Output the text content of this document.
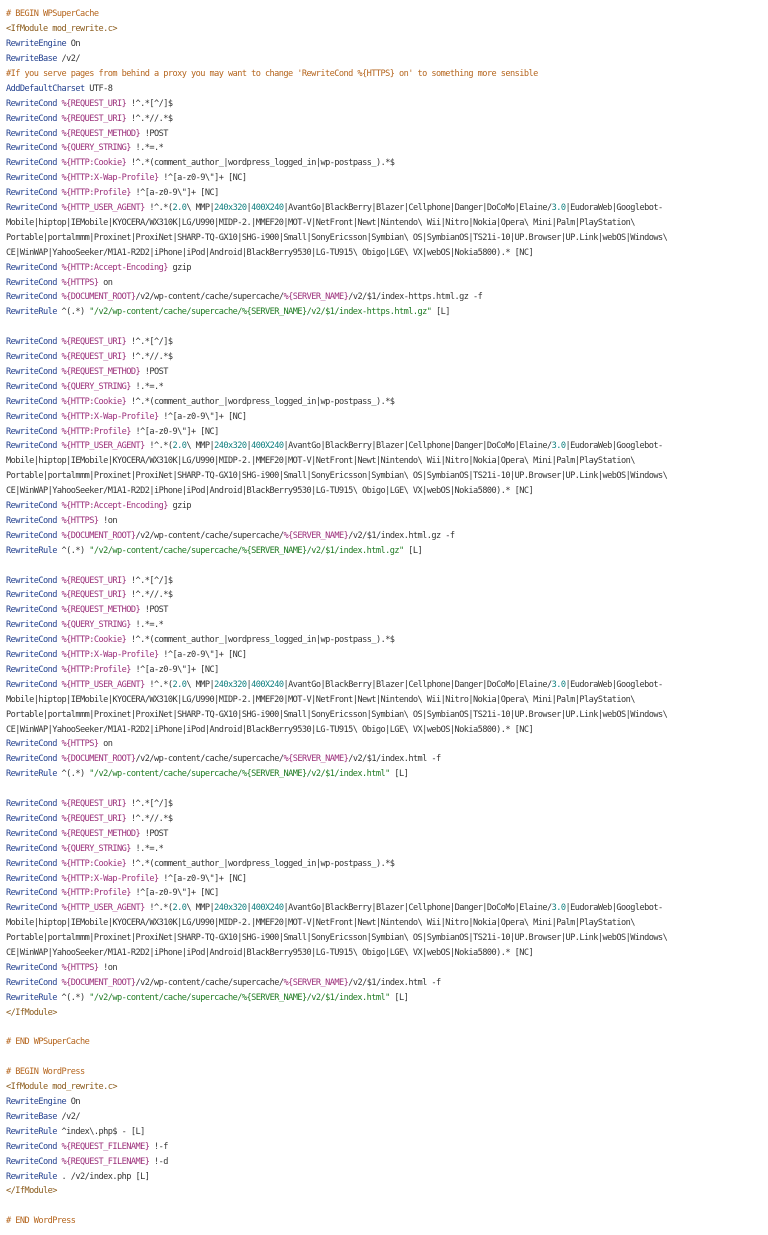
# BEGIN WPSuperCache
<IfModule mod_rewrite.c>
RewriteEngine On
RewriteBase /v2/
#If you serve pages from behind a proxy you may want to change 'RewriteCond %{HTTPS} on' to something more sensible
AddDefaultCharset UTF-8
RewriteCond %{REQUEST_URI} !^.*[^/]$
RewriteCond %{REQUEST_URI} !^.*//.*$
RewriteCond %{REQUEST_METHOD} !POST
RewriteCond %{QUERY_STRING} !.*=.*
RewriteCond %{HTTP:Cookie} !^.*(comment_author_|wordpress_logged_in|wp-postpass_).*$
RewriteCond %{HTTP:X-Wap-Profile} !^[a-z0-9\"]+ [NC]
RewriteCond %{HTTP:Profile} !^[a-z0-9\"]+ [NC]
RewriteCond %{HTTP_USER_AGENT} !^.*(2.0\ MMP|240x320|400X240|AvantGo|BlackBerry|Blazer|Cellphone|Danger|DoCoMo|Elaine/3.0|EudoraWeb|Googlebot-
Mobile|hiptop|IEMobile|KYOCERA/WX310K|LG/U990|MIDP-2.|MMEF20|MOT-V|NetFront|Newt|Nintendo\ Wii|Nitro|Nokia|Opera\ Mini|Palm|PlayStation\
Portable|portalmmm|Proxinet|ProxiNet|SHARP-TQ-GX10|SHG-i900|Small|SonyEricsson|Symbian\ OS|SymbianOS|TS21i-10|UP.Browser|UP.Link|webOS|Windows\
CE|WinWAP|YahooSeeker/M1A1-R2D2|iPhone|iPod|Android|BlackBerry9530|LG-TU915\ Obigo|LGE\ VX|webOS|Nokia5800).* [NC]
RewriteCond %{HTTP:Accept-Encoding} gzip
RewriteCond %{HTTPS} on
RewriteCond %{DOCUMENT_ROOT}/v2/wp-content/cache/supercache/%{SERVER_NAME}/v2/$1/index-https.html.gz -f
RewriteRule ^(.*) "/v2/wp-content/cache/supercache/%{SERVER_NAME}/v2/$1/index-https.html.gz" [L]
RewriteCond %{REQUEST_URI} !^.*[^/]$
RewriteCond %{REQUEST_URI} !^.*//.*$
RewriteCond %{REQUEST_METHOD} !POST
RewriteCond %{QUERY_STRING} !.*=.*
RewriteCond %{HTTP:Cookie} !^.*(comment_author_|wordpress_logged_in|wp-postpass_).*$
RewriteCond %{HTTP:X-Wap-Profile} !^[a-z0-9\"]+ [NC]
RewriteCond %{HTTP:Profile} !^[a-z0-9\"]+ [NC]
RewriteCond %{HTTP_USER_AGENT} !^.*(2.0\ MMP|240x320|400X240|AvantGo|BlackBerry|Blazer|Cellphone|Danger|DoCoMo|Elaine/3.0|EudoraWeb|Googlebot-
Mobile|hiptop|IEMobile|KYOCERA/WX310K|LG/U990|MIDP-2.|MMEF20|MOT-V|NetFront|Newt|Nintendo\ Wii|Nitro|Nokia|Opera\ Mini|Palm|PlayStation\
Portable|portalmmm|Proxinet|ProxiNet|SHARP-TQ-GX10|SHG-i900|Small|SonyEricsson|Symbian\ OS|SymbianOS|TS21i-10|UP.Browser|UP.Link|webOS|Windows\
CE|WinWAP|YahooSeeker/M1A1-R2D2|iPhone|iPod|Android|BlackBerry9530|LG-TU915\ Obigo|LGE\ VX|webOS|Nokia5800).* [NC]
RewriteCond %{HTTP:Accept-Encoding} gzip
RewriteCond %{HTTPS} !on
RewriteCond %{DOCUMENT_ROOT}/v2/wp-content/cache/supercache/%{SERVER_NAME}/v2/$1/index.html.gz -f
RewriteRule ^(.*) "/v2/wp-content/cache/supercache/%{SERVER_NAME}/v2/$1/index.html.gz" [L]
RewriteCond %{REQUEST_URI} !^.*[^/]$
RewriteCond %{REQUEST_URI} !^.*//.*$
RewriteCond %{REQUEST_METHOD} !POST
RewriteCond %{QUERY_STRING} !.*=.*
RewriteCond %{HTTP:Cookie} !^.*(comment_author_|wordpress_logged_in|wp-postpass_).*$
RewriteCond %{HTTP:X-Wap-Profile} !^[a-z0-9\"]+ [NC]
RewriteCond %{HTTP:Profile} !^[a-z0-9\"]+ [NC]
RewriteCond %{HTTP_USER_AGENT} !^.*(2.0\ MMP|240x320|400X240|AvantGo|BlackBerry|Blazer|Cellphone|Danger|DoCoMo|Elaine/3.0|EudoraWeb|Googlebot-
Mobile|hiptop|IEMobile|KYOCERA/WX310K|LG/U990|MIDP-2.|MMEF20|MOT-V|NetFront|Newt|Nintendo\ Wii|Nitro|Nokia|Opera\ Mini|Palm|PlayStation\
Portable|portalmmm|Proxinet|ProxiNet|SHARP-TQ-GX10|SHG-i900|Small|SonyEricsson|Symbian\ OS|SymbianOS|TS21i-10|UP.Browser|UP.Link|webOS|Windows\
CE|WinWAP|YahooSeeker/M1A1-R2D2|iPhone|iPod|Android|BlackBerry9530|LG-TU915\ Obigo|LGE\ VX|webOS|Nokia5800).* [NC]
RewriteCond %{HTTPS} on
RewriteCond %{DOCUMENT_ROOT}/v2/wp-content/cache/supercache/%{SERVER_NAME}/v2/$1/index.html -f
RewriteRule ^(.*) "/v2/wp-content/cache/supercache/%{SERVER_NAME}/v2/$1/index.html" [L]
RewriteCond %{REQUEST_URI} !^.*[^/]$
RewriteCond %{REQUEST_URI} !^.*//.*$
RewriteCond %{REQUEST_METHOD} !POST
RewriteCond %{QUERY_STRING} !.*=.*
RewriteCond %{HTTP:Cookie} !^.*(comment_author_|wordpress_logged_in|wp-postpass_).*$
RewriteCond %{HTTP:X-Wap-Profile} !^[a-z0-9\"]+ [NC]
RewriteCond %{HTTP:Profile} !^[a-z0-9\"]+ [NC]
RewriteCond %{HTTP_USER_AGENT} !^.*(2.0\ MMP|240x320|400X240|AvantGo|BlackBerry|Blazer|Cellphone|Danger|DoCoMo|Elaine/3.0|EudoraWeb|Googlebot-
Mobile|hiptop|IEMobile|KYOCERA/WX310K|LG/U990|MIDP-2.|MMEF20|MOT-V|NetFront|Newt|Nintendo\ Wii|Nitro|Nokia|Opera\ Mini|Palm|PlayStation\
Portable|portalmmm|Proxinet|ProxiNet|SHARP-TQ-GX10|SHG-i900|Small|SonyEricsson|Symbian\ OS|SymbianOS|TS21i-10|UP.Browser|UP.Link|webOS|Windows\
CE|WinWAP|YahooSeeker/M1A1-R2D2|iPhone|iPod|Android|BlackBerry9530|LG-TU915\ Obigo|LGE\ VX|webOS|Nokia5800).* [NC]
RewriteCond %{HTTPS} !on
RewriteCond %{DOCUMENT_ROOT}/v2/wp-content/cache/supercache/%{SERVER_NAME}/v2/$1/index.html -f
RewriteRule ^(.*) "/v2/wp-content/cache/supercache/%{SERVER_NAME}/v2/$1/index.html" [L]
</IfModule>
# END WPSuperCache
# BEGIN WordPress
<IfModule mod_rewrite.c>
RewriteEngine On
RewriteBase /v2/
RewriteRule ^index\.php$ - [L]
RewriteCond %{REQUEST_FILENAME} !-f
RewriteCond %{REQUEST_FILENAME} !-d
RewriteRule . /v2/index.php [L]
</IfModule>
# END WordPress
